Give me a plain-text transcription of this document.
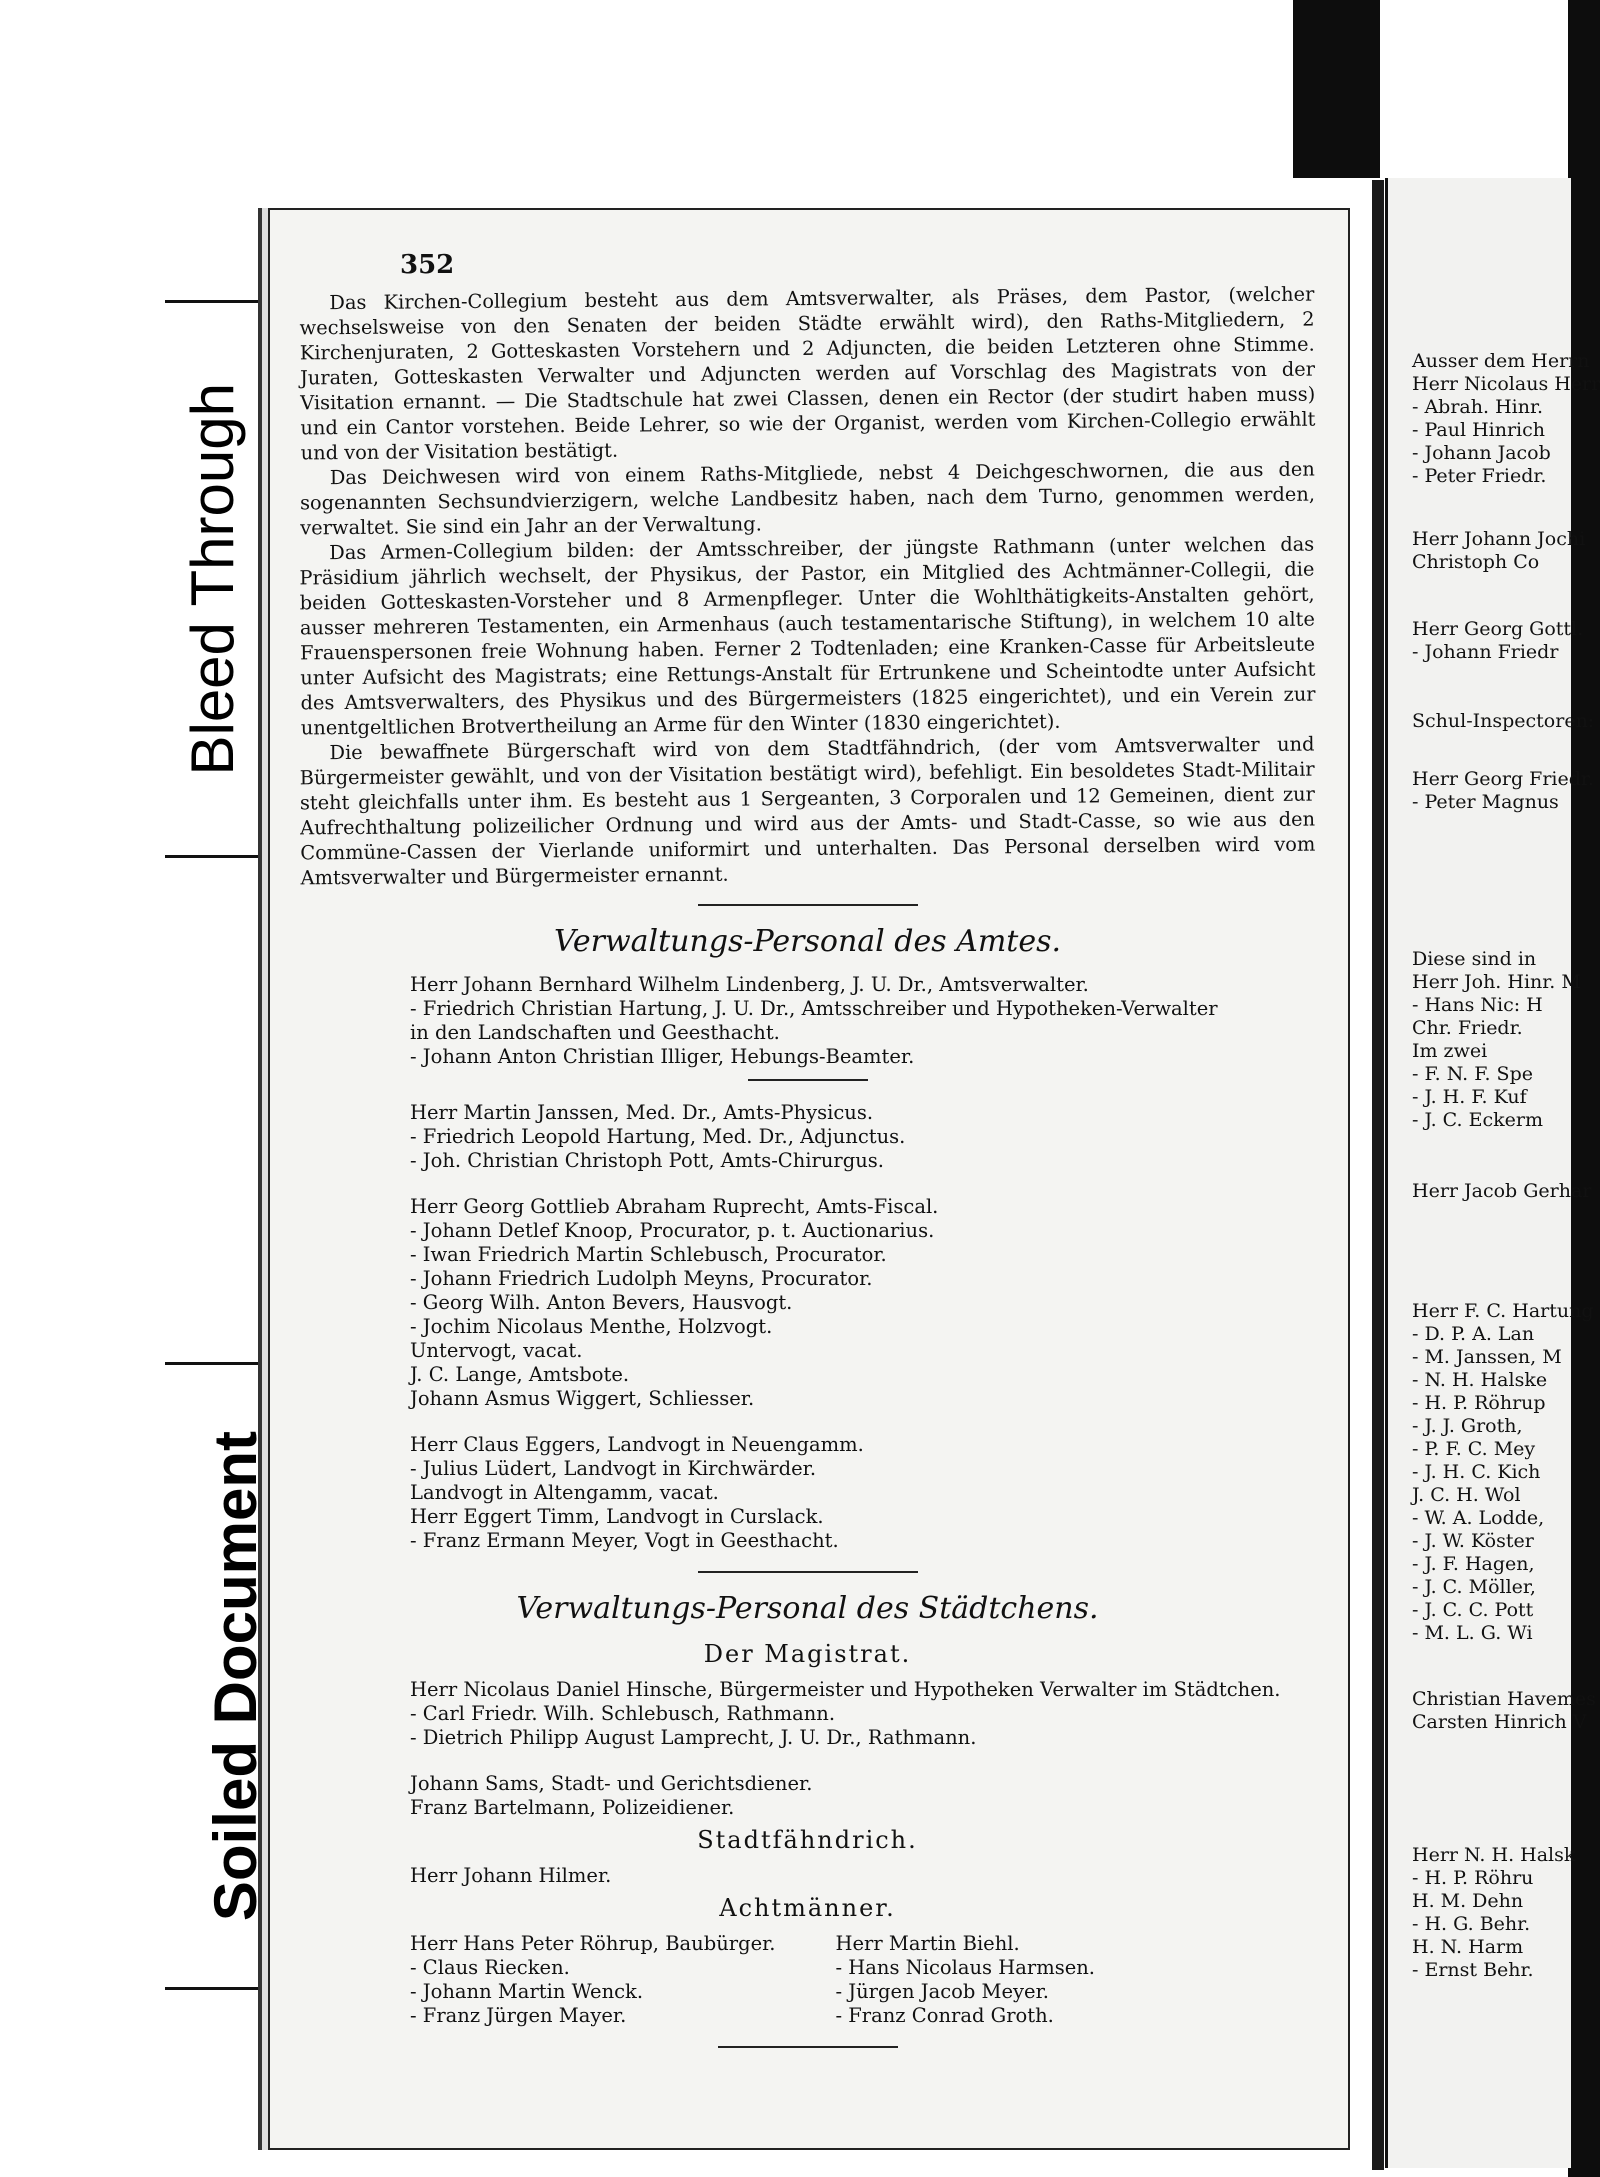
Bleed Through
Soiled Document
352

Das Kirchen-Collegium besteht aus dem Amtsverwalter, als Präses, dem Pastor, (welcher wechselsweise von den Senaten der beiden Städte erwählt wird), den Raths-Mitgliedern, 2 Kirchenjuraten, 2 Gotteskasten Vorstehern und 2 Adjuncten, die beiden Letzteren ohne Stimme. Juraten, Gotteskasten Verwalter und Adjuncten werden auf Vorschlag des Magistrats von der Visitation ernannt. — Die Stadtschule hat zwei Classen, denen ein Rector (der studirt haben muss) und ein Cantor vorstehen. Beide Lehrer, so wie der Organist, werden vom Kirchen-Collegio erwählt und von der Visitation bestätigt.

Das Deichwesen wird von einem Raths-Mitgliede, nebst 4 Deichgeschwornen, die aus den sogenannten Sechsundvierzigern, welche Landbesitz haben, nach dem Turno, genommen werden, verwaltet. Sie sind ein Jahr an der Verwaltung.

Das Armen-Collegium bilden: der Amtsschreiber, der jüngste Rathmann (unter welchen das Präsidium jährlich wechselt, der Physikus, der Pastor, ein Mitglied des Achtmänner-Collegii, die beiden Gotteskasten-Vorsteher und 8 Armenpfleger. Unter die Wohlthätigkeits-Anstalten gehört, ausser mehreren Testamenten, ein Armenhaus (auch testamentarische Stiftung), in welchem 10 alte Frauenspersonen freie Wohnung haben. Ferner 2 Todtenladen; eine Kranken-Casse für Arbeitsleute unter Aufsicht des Magistrats; eine Rettungs-Anstalt für Ertrunkene und Scheintodte unter Aufsicht des Amtsverwalters, des Physikus und des Bürgermeisters (1825 eingerichtet), und ein Verein zur unentgeltlichen Brotvertheilung an Arme für den Winter (1830 eingerichtet).

Die bewaffnete Bürgerschaft wird von dem Stadtfähndrich, (der vom Amtsverwalter und Bürgermeister gewählt, und von der Visitation bestätigt wird), befehligt. Ein besoldetes Stadt-Militair steht gleichfalls unter ihm. Es besteht aus 1 Sergeanten, 3 Corporalen und 12 Gemeinen, dient zur Aufrechthaltung polizeilicher Ordnung und wird aus der Amts- und Stadt-Casse, so wie aus den Commüne-Cassen der Vierlande uniformirt und unterhalten. Das Personal derselben wird vom Amtsverwalter und Bürgermeister ernannt.

Verwaltungs-Personal des Amtes.
Herr Johann Bernhard Wilhelm Lindenberg, J. U. Dr., Amtsverwalter.
- Friedrich Christian Hartung, J. U. Dr., Amtsschreiber und Hypotheken-Verwalter
in den Landschaften und Geesthacht.
- Johann Anton Christian Illiger, Hebungs-Beamter.
Herr Martin Janssen, Med. Dr., Amts-Physicus.
- Friedrich Leopold Hartung, Med. Dr., Adjunctus.
- Joh. Christian Christoph Pott, Amts-Chirurgus.
Herr Georg Gottlieb Abraham Ruprecht, Amts-Fiscal.
- Johann Detlef Knoop, Procurator, p. t. Auctionarius.
- Iwan Friedrich Martin Schlebusch, Procurator.
- Johann Friedrich Ludolph Meyns, Procurator.
- Georg Wilh. Anton Bevers, Hausvogt.
- Jochim Nicolaus Menthe, Holzvogt.
Untervogt, vacat.
J. C. Lange, Amtsbote.
Johann Asmus Wiggert, Schliesser.
Herr Claus Eggers, Landvogt in Neuengamm.
- Julius Lüdert, Landvogt in Kirchwärder.
Landvogt in Altengamm, vacat.
Herr Eggert Timm, Landvogt in Curslack.
- Franz Ermann Meyer, Vogt in Geesthacht.
Verwaltungs-Personal des Städtchens.
Der Magistrat.
Herr Nicolaus Daniel Hinsche, Bürgermeister und Hypotheken Verwalter im Städtchen.
- Carl Friedr. Wilh. Schlebusch, Rathmann.
- Dietrich Philipp August Lamprecht, J. U. Dr., Rathmann.
Johann Sams, Stadt- und Gerichtsdiener.
Franz Bartelmann, Polizeidiener.
Stadtfähndrich.
Herr Johann Hilmer.
Achtmänner.
Herr Hans Peter Röhrup, Baubürger.
- Claus Riecken.
- Johann Martin Wenck.
- Franz Jürgen Mayer.
Herr Martin Biehl.
- Hans Nicolaus Harmsen.
- Jürgen Jacob Meyer.
- Franz Conrad Groth.
Ausser dem Herrn
Herr Nicolaus Herr
- Abrah. Hinr.
- Paul Hinrich
- Johann Jacob
- Peter Friedr.
Herr Johann Jochi
Christoph Co
Herr Georg Gottl.
- Johann Friedr
Schul-Inspectoren:
Herr Georg Friedr.
- Peter Magnus
Diese sind in
Herr Joh. Hinr. M
- Hans Nic: H
Chr. Friedr.
Im zwei
- F. N. F. Spe
- J. H. F. Kuf
- J. C. Eckerm
Herr Jacob Gerhar
Herr F. C. Hartung
- D. P. A. Lan
- M. Janssen, M
- N. H. Halske
- H. P. Röhrup
- J. J. Groth,
- P. F. C. Mey
- J. H. C. Kich
J. C. H. Wol
- W. A. Lodde,
- J. W. Köster
- J. F. Hagen,
- J. C. Möller,
- J. C. C. Pott
- M. L. G. Wi
Christian Havemes
Carsten Hinrich V
Herr N. H. Halsk
- H. P. Röhru
H. M. Dehn
- H. G. Behr.
H. N. Harm
- Ernst Behr.
